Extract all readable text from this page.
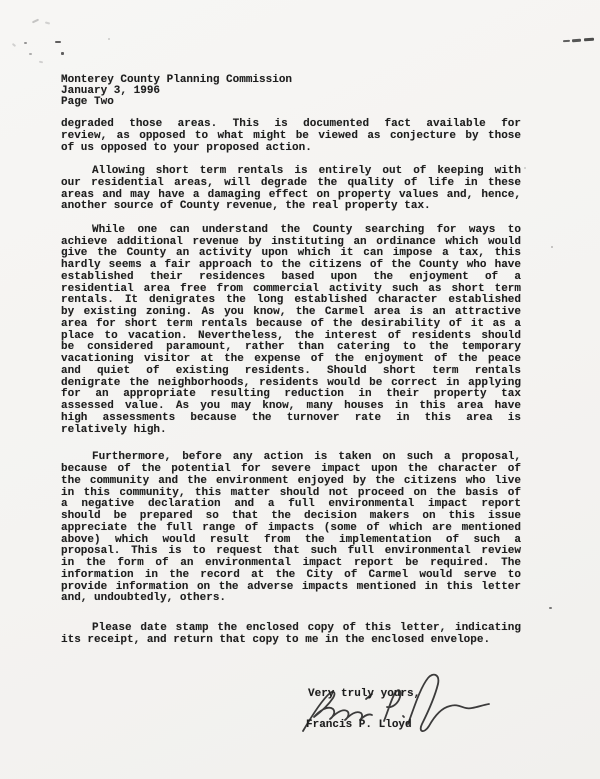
Monterey County Planning Commission
January 3, 1996
Page Two
degraded those areas. This is documented fact available for
review, as opposed to what might be viewed as conjecture by those
of us opposed to your proposed action.
Allowing short term rentals is entirely out of keeping with
our residential areas, will degrade the quality of life in these
areas and may have a damaging effect on property values and, hence,
another source of County revenue, the real property tax.
While one can understand the County searching for ways to
achieve additional revenue by instituting an ordinance which would
give the County an activity upon which it can impose a tax, this
hardly seems a fair approach to the citizens of the County who have
established their residences based upon the enjoyment of a
residential area free from commercial activity such as short term
rentals. It denigrates the long established character established
by existing zoning. As you know, the Carmel area is an attractive
area for short term rentals because of the desirability of it as a
place to vacation. Nevertheless, the interest of residents should
be considered paramount, rather than catering to the temporary
vacationing visitor at the expense of the enjoyment of the peace
and quiet of existing residents. Should short term rentals
denigrate the neighborhoods, residents would be correct in applying
for an appropriate resulting reduction in their property tax
assessed value. As you may know, many houses in this area have
high assessments because the turnover rate in this area is
relatively high.
Furthermore, before any action is taken on such a proposal,
because of the potential for severe impact upon the character of
the community and the environment enjoyed by the citizens who live
in this community, this matter should not proceed on the basis of
a negative declaration and a full environmental impact report
should be prepared so that the decision makers on this issue
appreciate the full range of impacts (some of which are mentioned
above) which would result from the implementation of such a
proposal. This is to request that such full environmental review
in the form of an environmental impact report be required. The
information in the record at the City of Carmel would serve to
provide information on the adverse impacts mentioned in this letter
and, undoubtedly, others.
Please date stamp the enclosed copy of this letter, indicating
its receipt, and return that copy to me in the enclosed envelope.
Very truly yours,
Francis P. Lloyd
